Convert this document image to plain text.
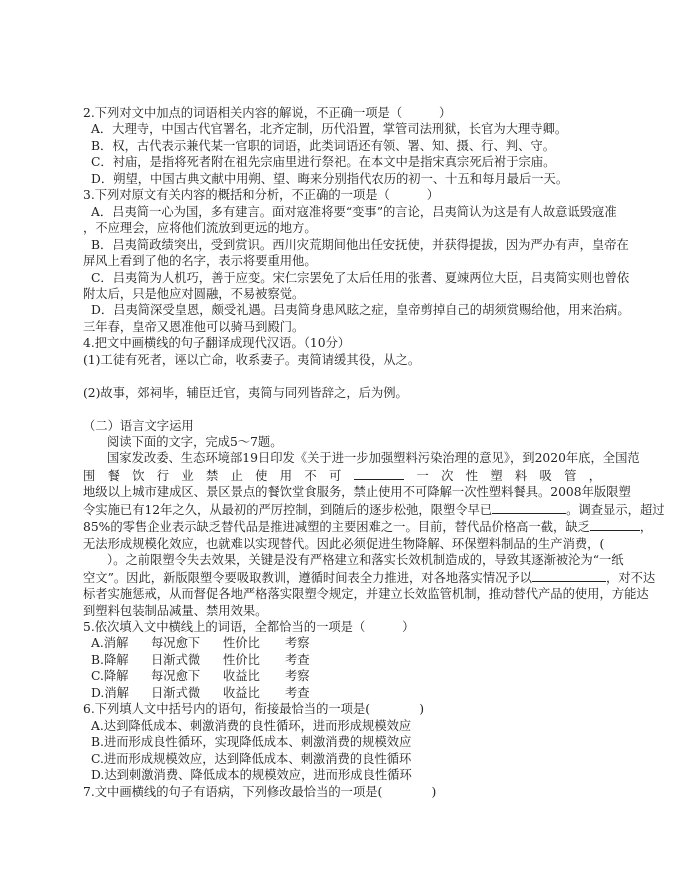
2.下列对文中加点的词语相关内容的解说，不正确一项是（　　　）
A．大理寺，中国古代官署名，北齐定制，历代沿置，掌管司法刑狱，长官为大理寺卿。
B．权，古代表示兼代某一官职的词语，此类词语还有领、署、知、摄、行、判、守。
C．衬庙，是指将死者附在祖先宗庙里进行祭祀。在本文中是指宋真宗死后袝于宗庙。
D．朔望，中国古典文献中用朔、望、晦来分别指代农历的初一、十五和每月最后一天。
3.下列对原文有关内容的概括和分析，不正确的一项是（　　　）
A．吕夷简一心为国，多有建言。面对寇准将要“变事”的言论，吕夷简认为这是有人故意诋毁寇准
，不应理会，应将他们流放到更远的地方。
B．吕夷简政绩突出，受到赏识。西川灾荒期间他出任安抚使，并获得提拔，因为严办有声，皇帝在
屏风上看到了他的名字，表示将要重用他。
C．吕夷简为人机巧，善于应变。宋仁宗罢免了太后任用的张耆、夏竦两位大臣，吕夷简实则也曾依
附太后，只是他应对圆融，不易被察觉。
D．吕夷简深受皇恩，颇受礼遇。吕夷简身患风眩之症，皇帝剪掉自己的胡须赏赐给他，用来治病。
三年春，皇帝又恩准他可以骑马到殿门。
4.把文中画横线的句子翻译成现代汉语。（10分）
(1)工徒有死者，诬以亡命，收系妻子。夷简请缓其役，从之。
(2)故事，郊祠毕，辅臣迁官，夷简与同列皆辞之，后为例。
（二）语言文字运用
阅读下面的文字，完成5～7题。
国家发改委、生态环境部19日印发《关于进一步加强塑料污染治理的意见》，到2020年底，全国范
围　餐　饮　行　业　禁　止　使　用　不　可	一　次　性　塑　料　吸　管　，
地级以上城市建成区、景区景点的餐饮堂食服务，禁止使用不可降解一次性塑料餐具。2008年版限塑
令实施已有12年之久，从最初的严厉控制，到随后的逐步松弛，限塑令早已	。调查显示，超过
85%的零售企业表示缺乏替代品是推进减塑的主要困难之一。目前，替代品价格高一截，缺乏	，
无法形成规模化效应，也就难以实现替代。因此必须促进生物降解、环保塑料制品的生产消费，(
）。之前限塑令失去效果，关键是没有严格建立和落实长效机制造成的，导致其逐渐被沦为“一纸
空文”。因此，新版限塑令要吸取教训，遵循时间表全力推进，对各地落实情况予以	，对不达
标者实施惩戒，从而督促各地严格落实限塑令规定，并建立长效监管机制，推动替代产品的使用，方能达
到塑料包装制品减量、禁用效果。
5.依次填入文中横线上的词语，全都恰当的一项是（　　　）
A.消解 每况愈下 性价比 考察
B.降解 日渐式微 性价比 考查
C.降解 每况愈下 收益比 考察
D.消解 日渐式微 收益比 考查
6.下列填人文中括号内的语句，衔接最恰当的一项是(　　　　)
A.达到降低成本、刺激消费的良性循环，进而形成规模效应
B.进而形成良性循环，实现降低成本、刺激消费的规模效应
C.进而形成规模效应，达到降低成本、刺激消费的良性循环
D.达到刺激消费、降低成本的规模效应，进而形成良性循环
7.文中画横线的句子有语病，下列修改最恰当的一项是(　　　　)
